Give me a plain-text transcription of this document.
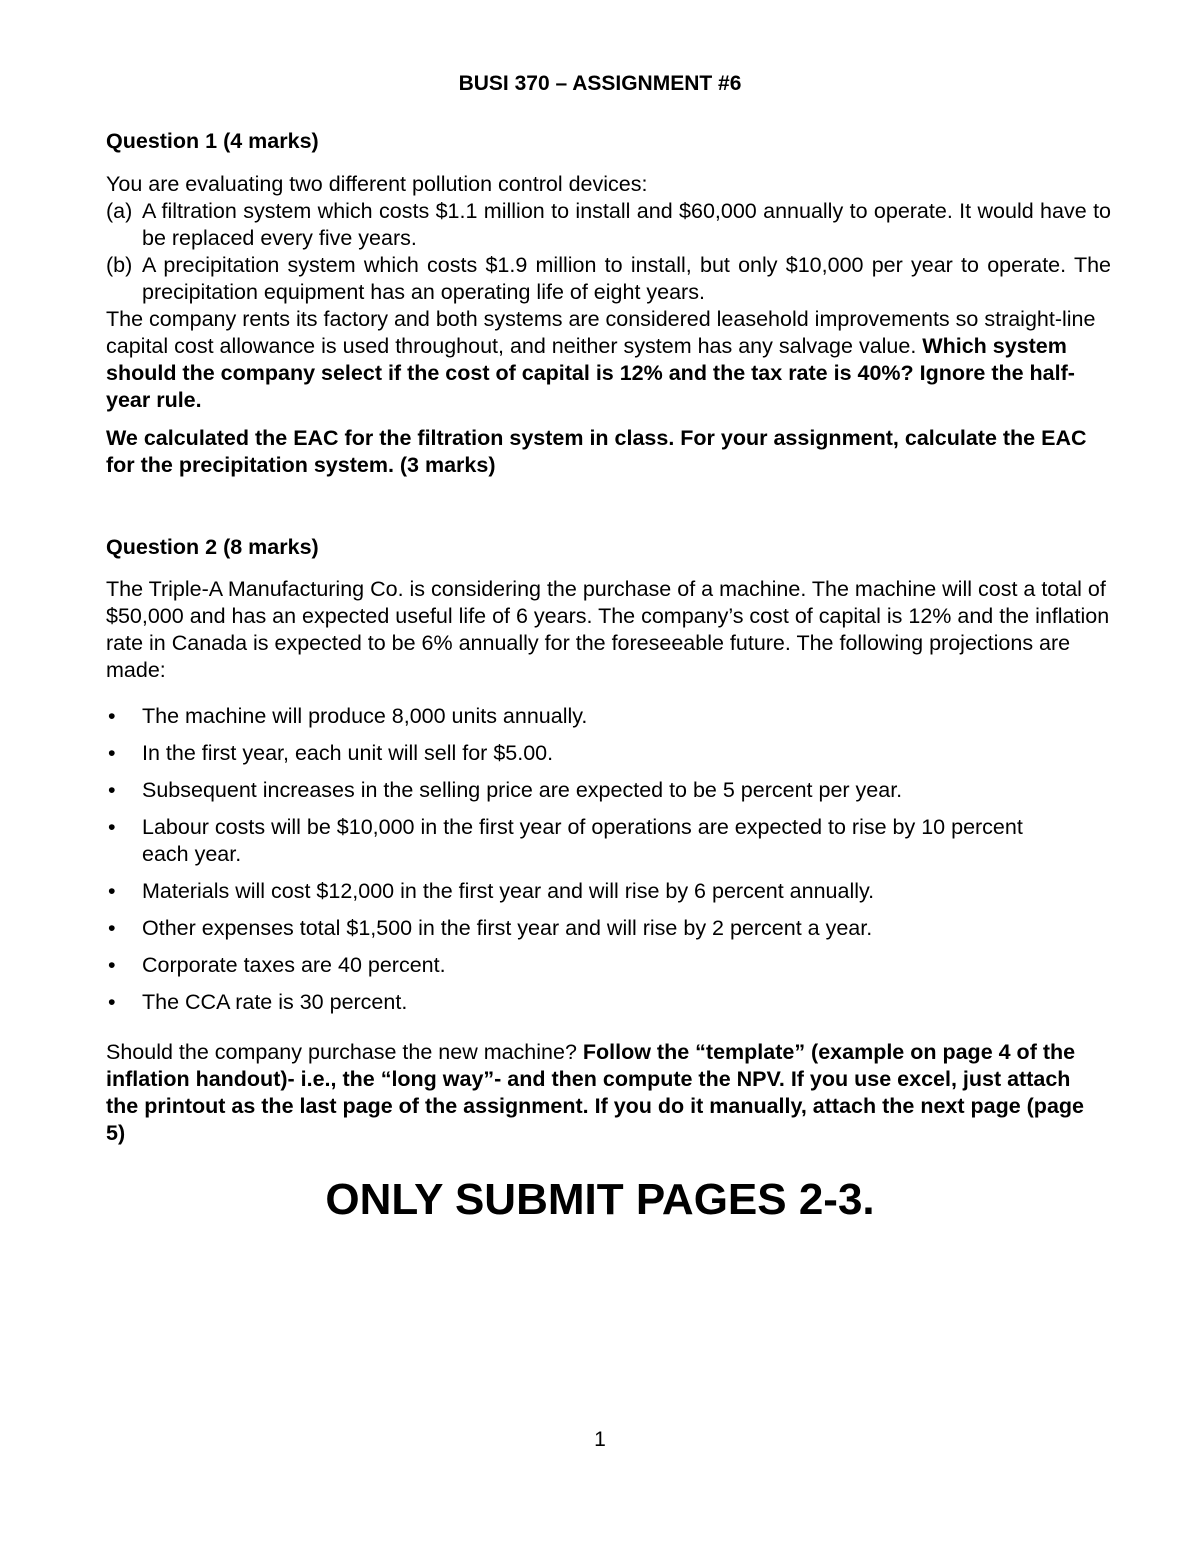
BUSI 370 – ASSIGNMENT #6
Question 1 (4 marks)
You are evaluating two different pollution control devices:
(a) A filtration system which costs $1.1 million to install and $60,000 annually to operate. It would have to be replaced every five years.
(b) A precipitation system which costs $1.9 million to install, but only $10,000 per year to operate. The precipitation equipment has an operating life of eight years.
The company rents its factory and both systems are considered leasehold improvements so straight-line capital cost allowance is used throughout, and neither system has any salvage value. Which system should the company select if the cost of capital is 12% and the tax rate is 40%? Ignore the half-year rule.
We calculated the EAC for the filtration system in class. For your assignment, calculate the EAC for the precipitation system. (3 marks)
Question 2 (8 marks)
The Triple-A Manufacturing Co. is considering the purchase of a machine. The machine will cost a total of $50,000 and has an expected useful life of 6 years. The company’s cost of capital is 12% and the inflation rate in Canada is expected to be 6% annually for the foreseeable future. The following projections are made:
• The machine will produce 8,000 units annually.
• In the first year, each unit will sell for $5.00.
• Subsequent increases in the selling price are expected to be 5 percent per year.
• Labour costs will be $10,000 in the first year of operations are expected to rise by 10 percent each year.
• Materials will cost $12,000 in the first year and will rise by 6 percent annually.
• Other expenses total $1,500 in the first year and will rise by 2 percent a year.
• Corporate taxes are 40 percent.
• The CCA rate is 30 percent.
Should the company purchase the new machine? Follow the “template” (example on page 4 of the inflation handout)- i.e., the “long way”- and then compute the NPV. If you use excel, just attach the printout as the last page of the assignment. If you do it manually, attach the next page (page 5)
ONLY SUBMIT PAGES 2-3.
1
